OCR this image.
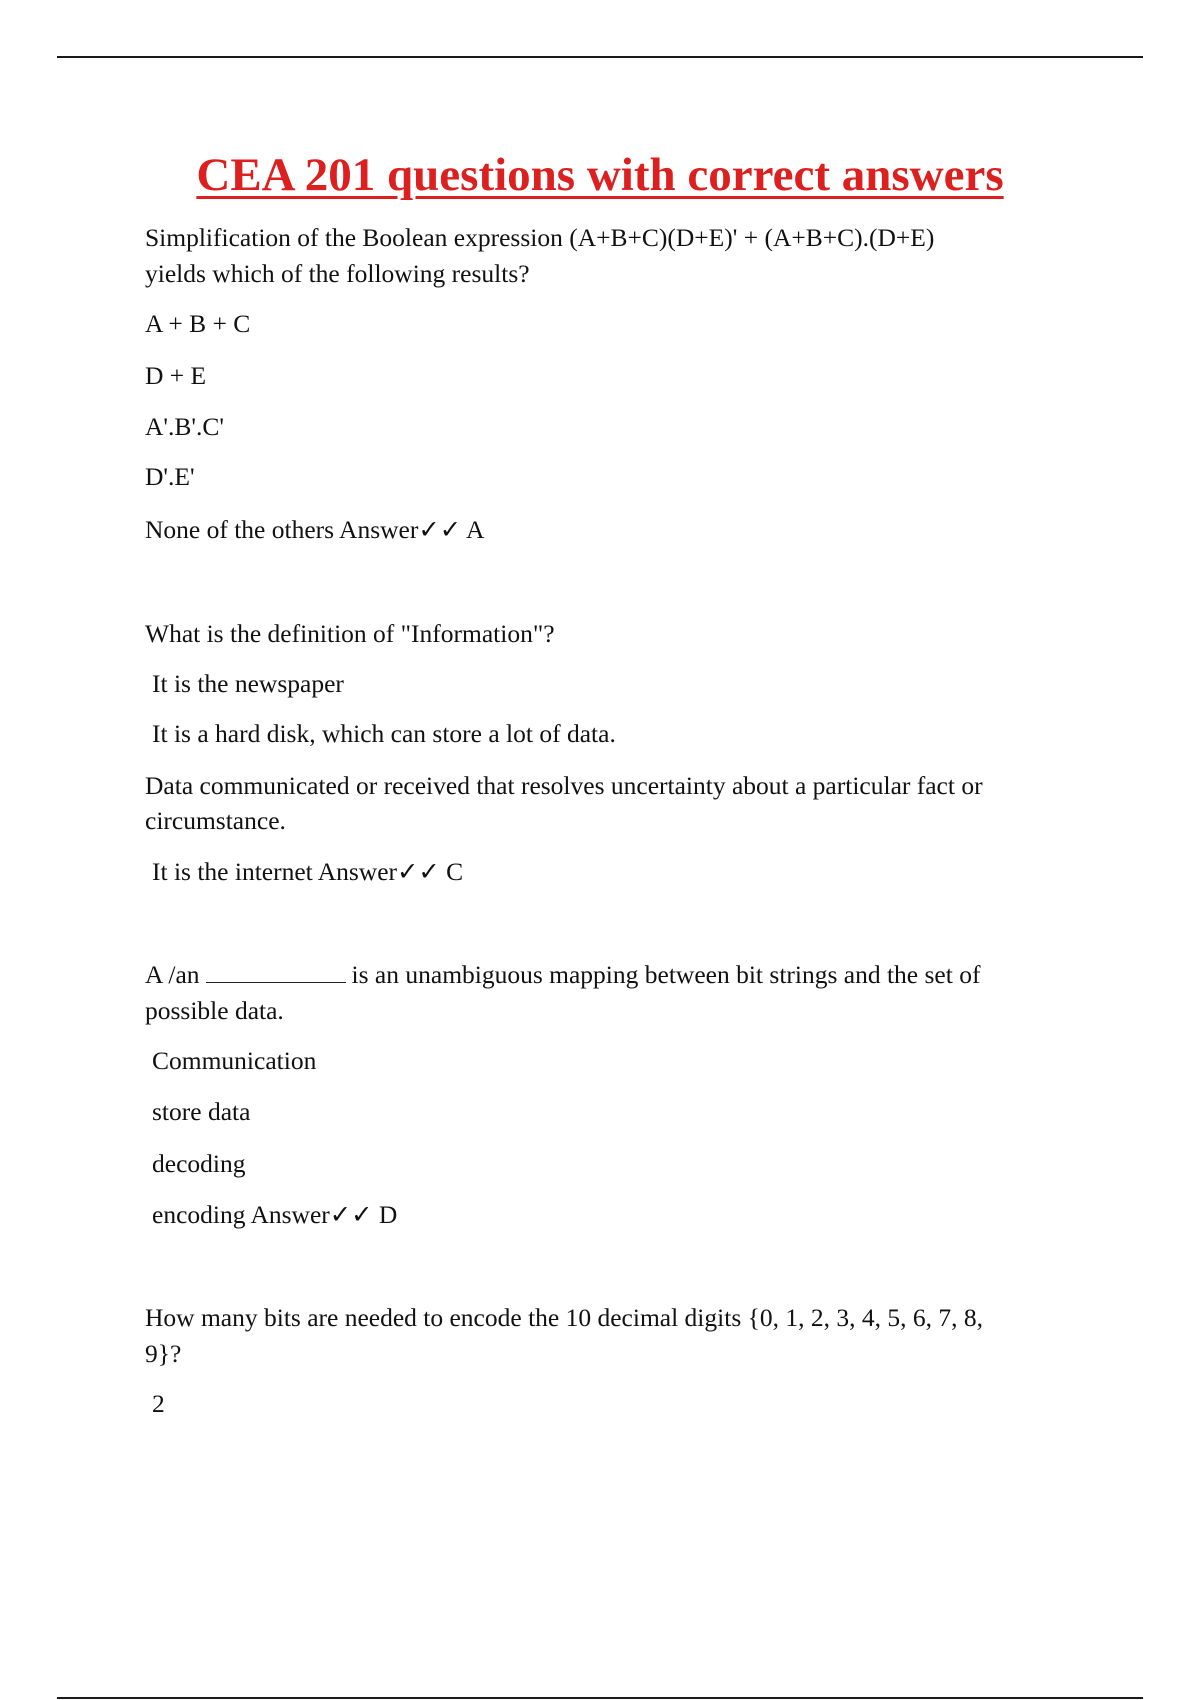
CEA 201 questions with correct answers
Simplification of the Boolean expression (A+B+C)(D+E)' + (A+B+C).(D+E)
yields which of the following results?
A + B + C
D + E
A'.B'.C'
D'.E'
None of the others Answer✓✓ A
What is the definition of "Information"?
It is the newspaper
It is a hard disk, which can store a lot of data.
Data communicated or received that resolves uncertainty about a particular fact or
circumstance.
It is the internet Answer✓✓ C
A /an	is an unambiguous mapping between bit strings and the set of
possible data.
Communication
store data
decoding
encoding Answer✓✓ D
How many bits are needed to encode the 10 decimal digits {0, 1, 2, 3, 4, 5, 6, 7, 8,
9}?
2
